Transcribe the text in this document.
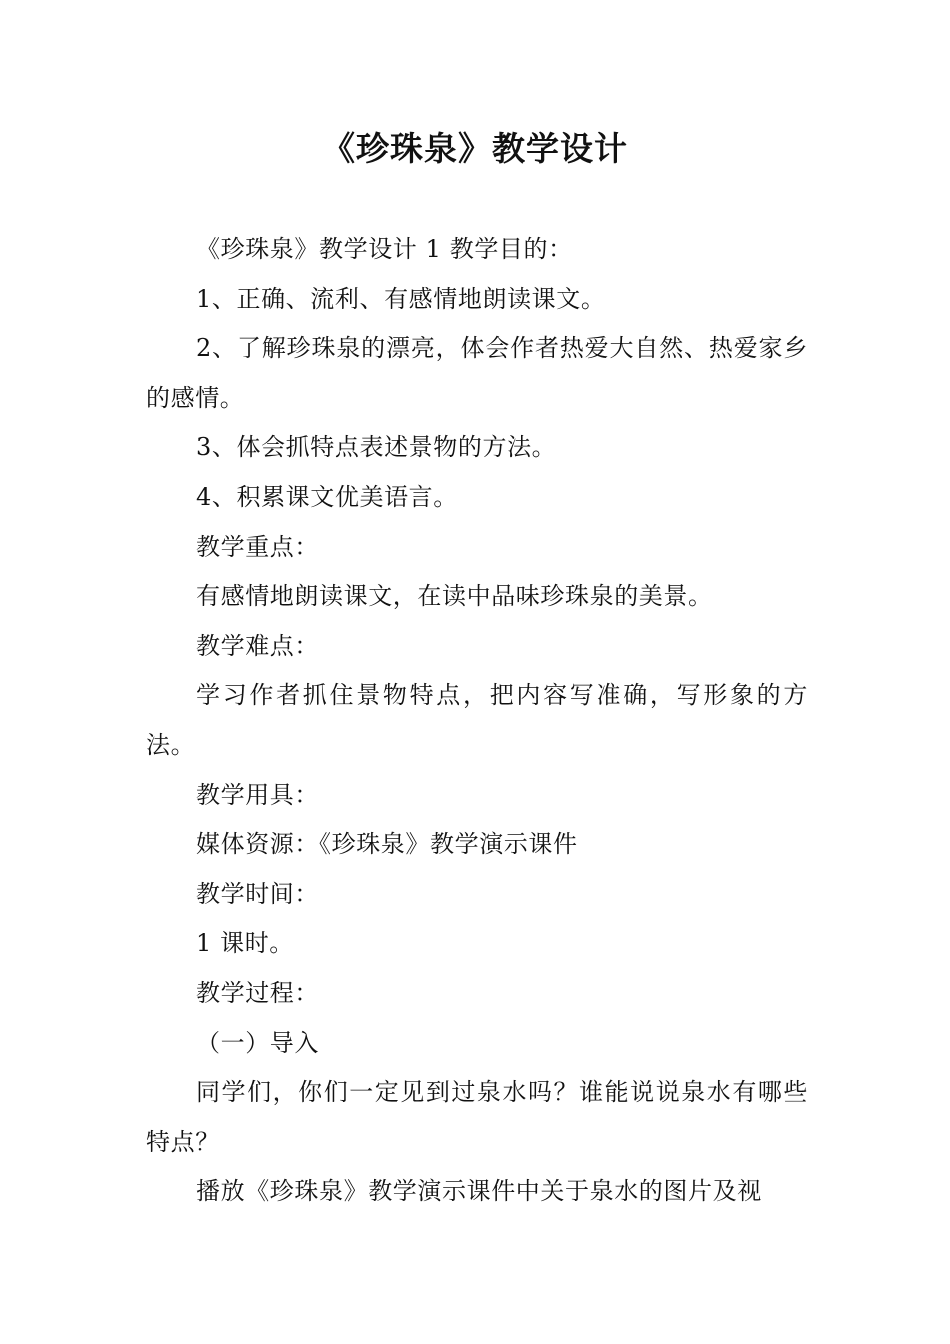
《珍珠泉》教学设计

《珍珠泉》教学设计 1 教学目的：

1、正确、流利、有感情地朗读课文。

2、了解珍珠泉的漂亮，体会作者热爱大自然、热爱家乡的感情。

3、体会抓特点表述景物的方法。

4、积累课文优美语言。

教学重点：

有感情地朗读课文，在读中品味珍珠泉的美景。

教学难点：

学习作者抓住景物特点，把内容写准确，写形象的方法。

教学用具：

媒体资源：《珍珠泉》教学演示课件

教学时间：

1 课时。

教学过程：

（一）导入

同学们，你们一定见到过泉水吗？谁能说说泉水有哪些特点？

播放《珍珠泉》教学演示课件中关于泉水的图片及视
